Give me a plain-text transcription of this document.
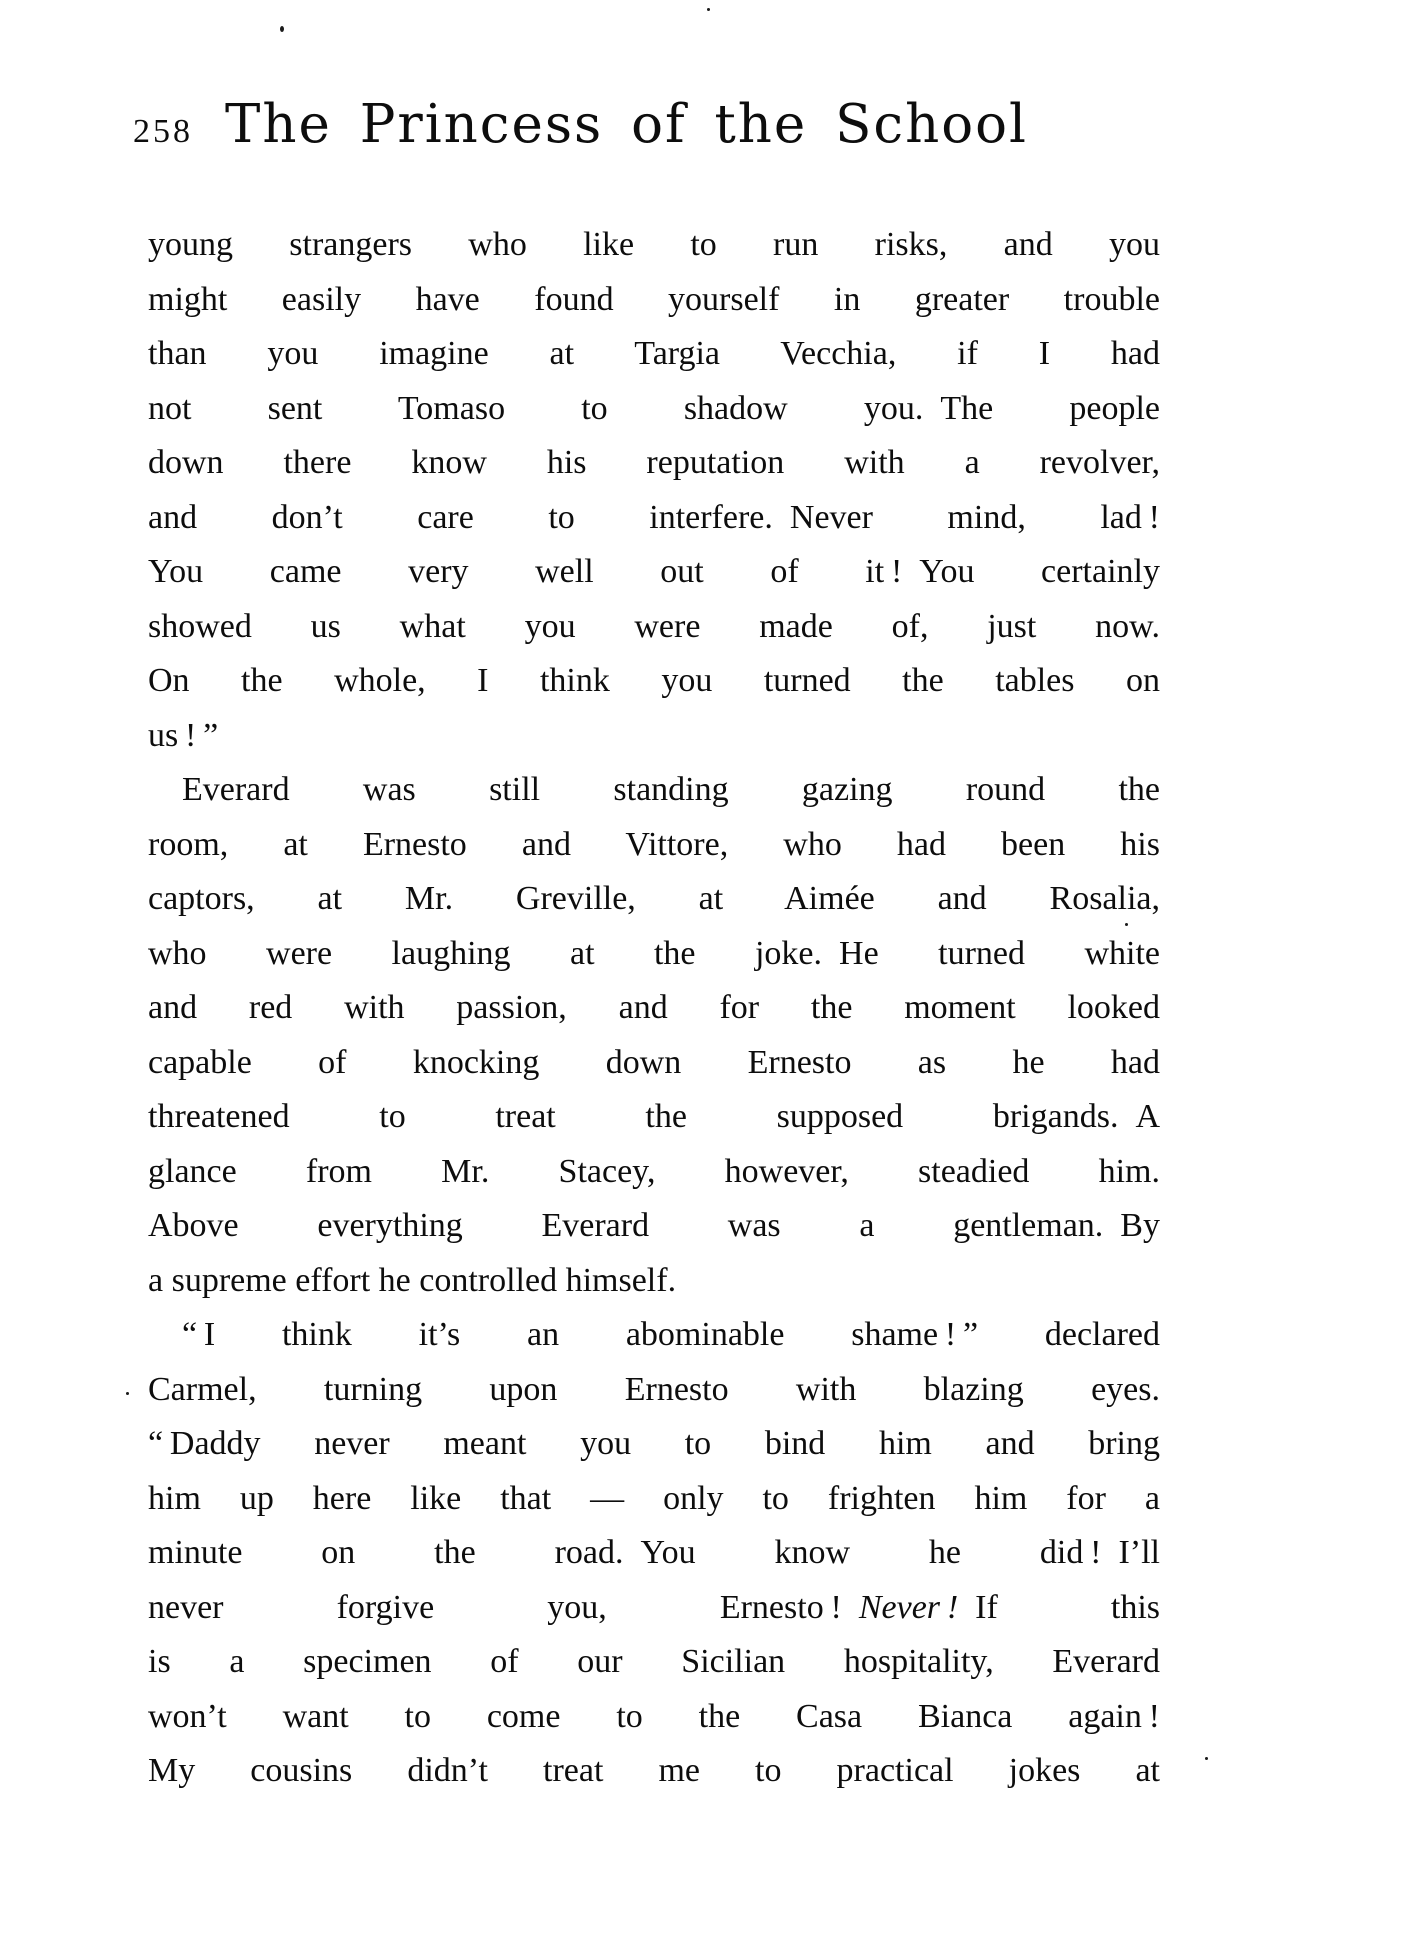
258 The Princess of the School
young strangers who like to run risks, and you
might easily have found yourself in greater trouble
than you imagine at Targia Vecchia, if I had
not sent Tomaso to shadow you. The people
down there know his reputation with a revolver,
and don’t care to interfere. Never mind, lad !
You came very well out of it ! You certainly
showed us what you were made of, just now.
On the whole, I think you turned the tables on
us ! ”
Everard was still standing gazing round the
room, at Ernesto and Vittore, who had been his
captors, at Mr. Greville, at Aimée and Rosalia,
who were laughing at the joke. He turned white
and red with passion, and for the moment looked
capable of knocking down Ernesto as he had
threatened to treat the supposed brigands. A
glance from Mr. Stacey, however, steadied him.
Above everything Everard was a gentleman. By
a supreme effort he controlled himself.
“ I think it’s an abominable shame ! ” declared
Carmel, turning upon Ernesto with blazing eyes.
“ Daddy never meant you to bind him and bring
him up here like that — only to frighten him for a
minute on the road. You know he did ! I’ll
never forgive you, Ernesto ! Never ! If this
is a specimen of our Sicilian hospitality, Everard
won’t want to come to the Casa Bianca again !
My cousins didn’t treat me to practical jokes at
